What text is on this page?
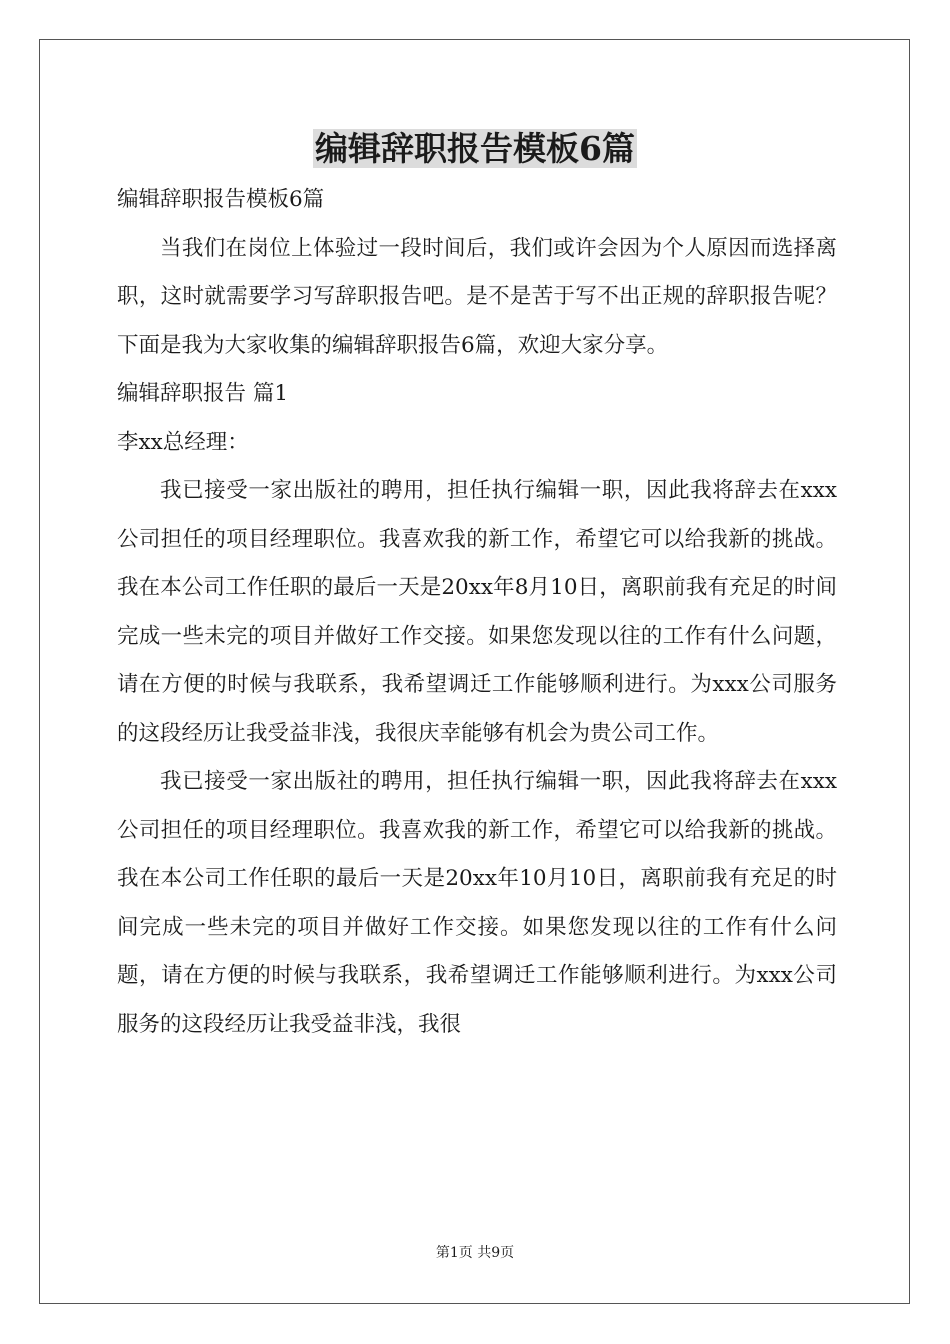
编辑辞职报告模板6篇

编辑辞职报告模板6篇

当我们在岗位上体验过一段时间后，我们或许会因为个人原因而选择离职，这时就需要学习写辞职报告吧。是不是苦于写不出正规的辞职报告呢？下面是我为大家收集的编辑辞职报告6篇，欢迎大家分享。

编辑辞职报告 篇1

李xx总经理：

我已接受一家出版社的聘用，担任执行编辑一职，因此我将辞去在xxx公司担任的项目经理职位。我喜欢我的新工作，希望它可以给我新的挑战。我在本公司工作任职的最后一天是20xx年8月10日，离职前我有充足的时间完成一些未完的项目并做好工作交接。如果您发现以往的工作有什么问题，请在方便的时候与我联系，我希望调迁工作能够顺利进行。为xxx公司服务的这段经历让我受益非浅，我很庆幸能够有机会为贵公司工作。

我已接受一家出版社的聘用，担任执行编辑一职，因此我将辞去在xxx公司担任的项目经理职位。我喜欢我的新工作，希望它可以给我新的挑战。我在本公司工作任职的最后一天是20xx年10月10日，离职前我有充足的时间完成一些未完的项目并做好工作交接。如果您发现以往的工作有什么问题，请在方便的时候与我联系，我希望调迁工作能够顺利进行。为xxx公司服务的这段经历让我受益非浅，我很

第1页 共9页
